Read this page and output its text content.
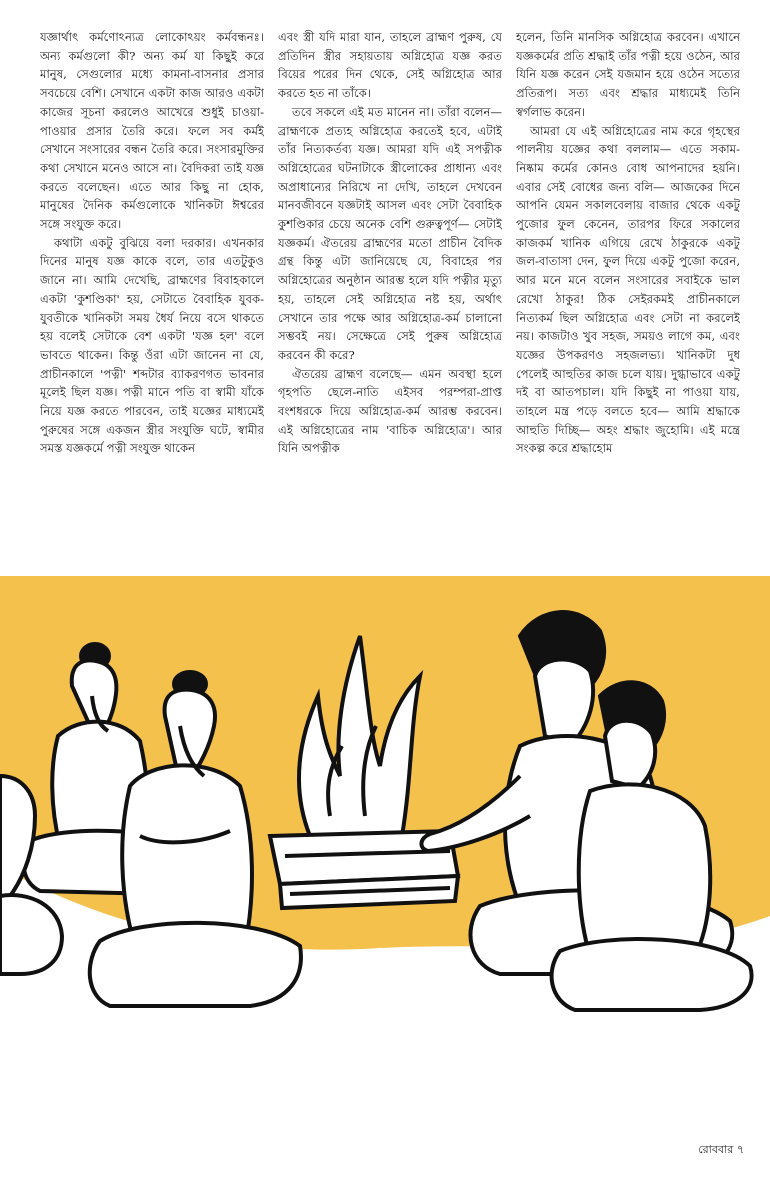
যজ্ঞার্থাৎ কর্মণোঽন্যত্র লোকোঽয়ং কর্মবন্ধনঃ। অন্য কর্মগুলো কী? অন্য কর্ম যা কিছুই করে মানুষ, সেগুলোর মধ্যে কামনা-বাসনার প্রসার সবচেয়ে বেশি। সেখানে একটা কাজ আরও একটা কাজের সূচনা করলেও আখেরে শুধুই চাওয়া-পাওয়ার প্রসার তৈরি করে। ফলে সব কর্মই সেখানে সংসারের বন্ধন তৈরি করে। সংসারমুক্তির কথা সেখানে মনেও আসে না। বৈদিকরা তাই যজ্ঞ করতে বলেছেন। এতে আর কিছু না হোক, মানুষের দৈনিক কর্মগুলোকে খানিকটা ঈশ্বরের সঙ্গে সংযুক্ত করে।

কথাটা একটু বুঝিয়ে বলা দরকার। এখনকার দিনের মানুষ যজ্ঞ কাকে বলে, তার এতটুকুও জানে না। আমি দেখেছি, ব্রাহ্মণের বিবাহকালে একটা 'কুশণ্ডিকা' হয়, সেটাতে বৈবাহিক যুবক-যুবতীকে খানিকটা সময় ধৈর্য নিয়ে বসে থাকতে হয় বলেই সেটাকে বেশ একটা 'যজ্ঞ হল' বলে ভাবতে থাকেন। কিন্তু ওঁরা এটা জানেন না যে, প্রাচীনকালে 'পত্নী' শব্দটার ব্যাকরণগত ভাবনার মূলেই ছিল যজ্ঞ। পত্নী মানে পতি বা স্বামী যাঁকে নিয়ে যজ্ঞ করতে পারবেন, তাই যজ্ঞের মাধ্যমেই পুরুষের সঙ্গে একজন স্ত্রীর সংযুক্তি ঘটে, স্বামীর সমস্ত যজ্ঞকর্মে পত্নী সংযুক্ত থাকেন

এবং স্ত্রী যদি মারা যান, তাহলে ব্রাহ্মণ পুরুষ, যে প্রতিদিন স্ত্রীর সহায়তায় অগ্নিহোত্র যজ্ঞ করত বিয়ের পরের দিন থেকে, সেই অগ্নিহোত্র আর করতে হত না তাঁকে।

তবে সকলে এই মত মানেন না। তাঁরা বলেন— ব্রাহ্মণকে প্রত্যহ অগ্নিহোত্র করতেই হবে, এটাই তাঁর নিত্যকর্তব্য যজ্ঞ। আমরা যদি এই সপত্নীক অগ্নিহোত্রের ঘটনাটাকে স্ত্রীলোকের প্রাধান্য এবং অপ্রাধান্যের নিরিখে না দেখি, তাহলে দেখবেন মানবজীবনে যজ্ঞটাই আসল এবং সেটা বৈবাহিক কুশণ্ডিকার চেয়ে অনেক বেশি গুরুত্বপূর্ণ— সেটাই যজ্ঞকর্ম। ঐতরেয় ব্রাহ্মণের মতো প্রাচীন বৈদিক গ্রন্থ কিন্তু এটা জানিয়েছে যে, বিবাহের পর অগ্নিহোত্রের অনুষ্ঠান আরম্ভ হলে যদি পত্নীর মৃত্যু হয়, তাহলে সেই অগ্নিহোত্র নষ্ট হয়, অর্থাৎ সেখানে তার পক্ষে আর অগ্নিহোত্র-কর্ম চালানো সম্ভবই নয়। সেক্ষেত্রে সেই পুরুষ অগ্নিহোত্র করবেন কী করে?

ঐতরেয় ব্রাহ্মণ বলেছে— এমন অবস্থা হলে গৃহপতি ছেলে-নাতি এইসব পরম্পরা-প্রাপ্ত বংশধরকে দিয়ে অগ্নিহোত্র-কর্ম আরম্ভ করবেন। এই অগ্নিহোত্রের নাম 'বাচিক অগ্নিহোত্র'। আর যিনি অপত্নীক

হলেন, তিনি মানসিক অগ্নিহোত্র করবেন। এখানে যজ্ঞকর্মের প্রতি শ্রদ্ধাই তাঁর পত্নী হয়ে ওঠেন, আর যিনি যজ্ঞ করেন সেই যজমান হয়ে ওঠেন সত্যের প্রতিরূপ। সত্য এবং শ্রদ্ধার মাধ্যমেই তিনি স্বর্গলাভ করেন।

আমরা যে এই অগ্নিহোত্রের নাম করে গৃহস্থের পালনীয় যজ্ঞের কথা বললাম— এতে সকাম-নিষ্কাম কর্মের কোনও বোধ আপনাদের হয়নি। এবার সেই বোধের জন্য বলি— আজকের দিনে আপনি যেমন সকালবেলায় বাজার থেকে একটু পুজোর ফুল কেনেন, তারপর ফিরে সকালের কাজকর্ম খানিক এগিয়ে রেখে ঠাকুরকে একটু জল-বাতাসা দেন, ফুল দিয়ে একটু পুজো করেন, আর মনে মনে বলেন সংসারের সবাইকে ভাল রেখো ঠাকুর! ঠিক সেইরকমই প্রাচীনকালে নিত্যকর্ম ছিল অগ্নিহোত্র এবং সেটা না করলেই নয়। কাজটাও খুব সহজ, সময়ও লাগে কম, এবং যজ্ঞের উপকরণও সহজলভ্য। খানিকটা দুধ পেলেই আহুতির কাজ চলে যায়। দুগ্ধাভাবে একটু দই বা আতপচাল। যদি কিছুই না পাওয়া যায়, তাহলে মন্ত্র পড়ে বলতে হবে— আমি শ্রদ্ধাকে আহুতি দিচ্ছি— অহং শ্রদ্ধাং জুহোমি। এই মন্ত্রে সংকল্প করে শ্রদ্ধাহোম

রোববার ৭
